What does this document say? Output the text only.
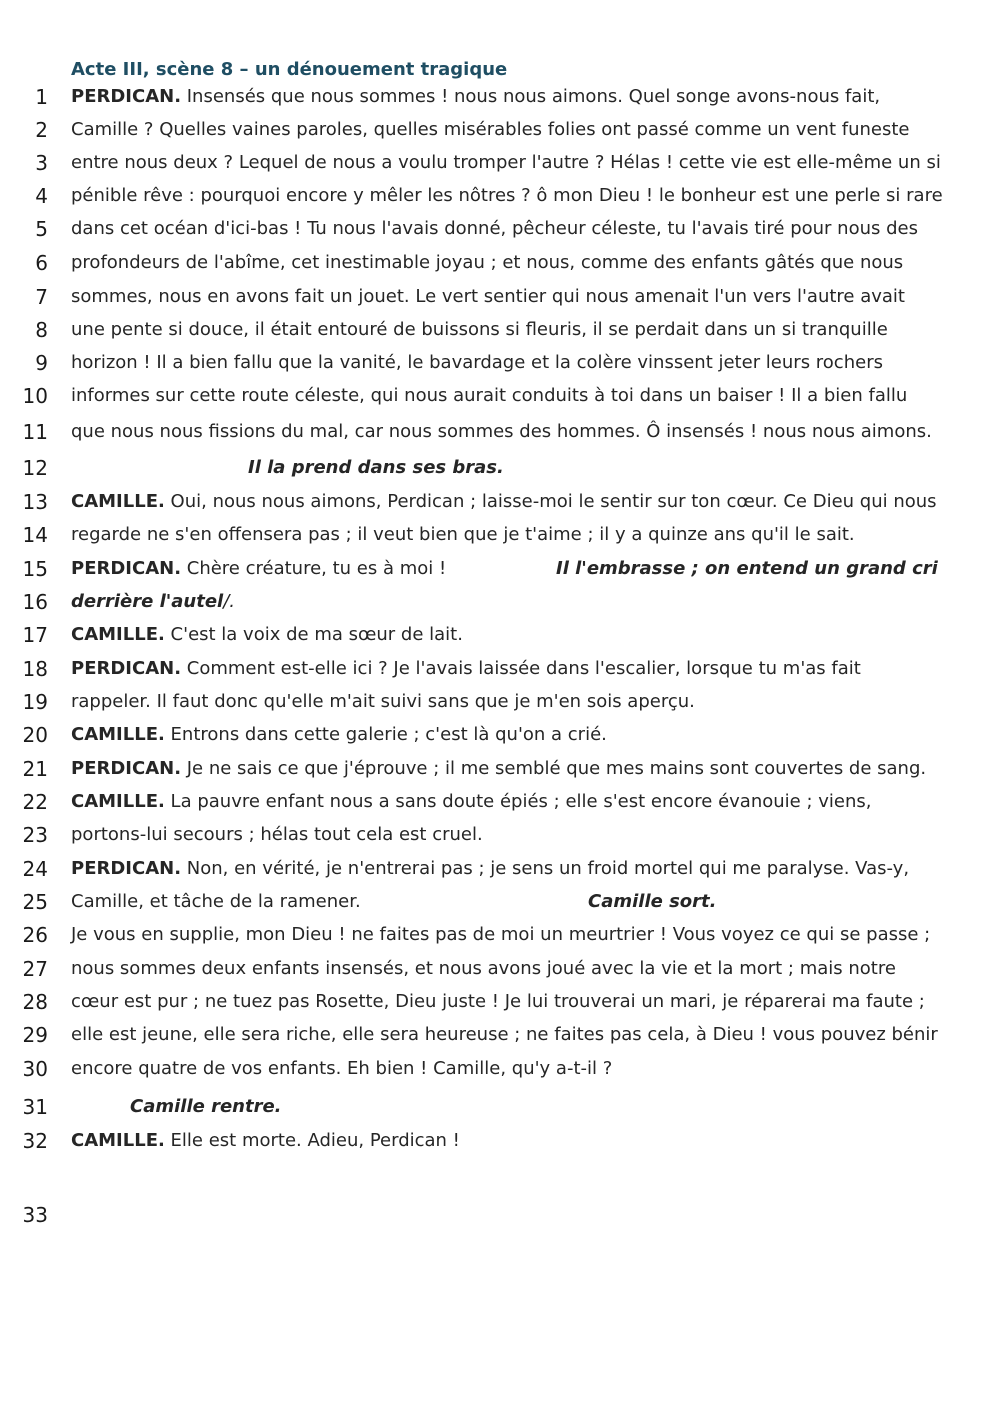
Acte III, scène 8 – un dénouement tragique
1 PERDICAN. Insensés que nous sommes ! nous nous aimons. Quel songe avons-nous fait,
2 Camille ? Quelles vaines paroles, quelles misérables folies ont passé comme un vent funeste
3 entre nous deux ? Lequel de nous a voulu tromper l'autre ? Hélas ! cette vie est elle-même un si
4 pénible rêve : pourquoi encore y mêler les nôtres ? ô mon Dieu ! le bonheur est une perle si rare
5 dans cet océan d'ici-bas ! Tu nous l'avais donné, pêcheur céleste, tu l'avais tiré pour nous des
6 profondeurs de l'abîme, cet inestimable joyau ; et nous, comme des enfants gâtés que nous
7 sommes, nous en avons fait un jouet. Le vert sentier qui nous amenait l'un vers l'autre avait
8 une pente si douce, il était entouré de buissons si fleuris, il se perdait dans un si tranquille
9 horizon ! Il a bien fallu que la vanité, le bavardage et la colère vinssent jeter leurs rochers
10 informes sur cette route céleste, qui nous aurait conduits à toi dans un baiser ! Il a bien fallu
11 que nous nous fissions du mal, car nous sommes des hommes. Ô insensés ! nous nous aimons.
12	Il la prend dans ses bras.
13 CAMILLE. Oui, nous nous aimons, Perdican ; laisse-moi le sentir sur ton cœur. Ce Dieu qui nous
14 regarde ne s'en offensera pas ; il veut bien que je t'aime ; il y a quinze ans qu'il le sait.
15 PERDICAN. Chère créature, tu es à moi !	Il l'embrasse ; on entend un grand cri
16 derrière l'autel/.
17 CAMILLE. C'est la voix de ma sœur de lait.
18 PERDICAN. Comment est-elle ici ? Je l'avais laissée dans l'escalier, lorsque tu m'as fait
19 rappeler. Il faut donc qu'elle m'ait suivi sans que je m'en sois aperçu.
20 CAMILLE. Entrons dans cette galerie ; c'est là qu'on a crié.
21 PERDICAN. Je ne sais ce que j'éprouve ; il me semblé que mes mains sont couvertes de sang.
22 CAMILLE. La pauvre enfant nous a sans doute épiés ; elle s'est encore évanouie ; viens,
23 portons-lui secours ; hélas tout cela est cruel.
24 PERDICAN. Non, en vérité, je n'entrerai pas ; je sens un froid mortel qui me paralyse. Vas-y,
25 Camille, et tâche de la ramener.	Camille sort.
26 Je vous en supplie, mon Dieu ! ne faites pas de moi un meurtrier ! Vous voyez ce qui se passe ;
27 nous sommes deux enfants insensés, et nous avons joué avec la vie et la mort ; mais notre
28 cœur est pur ; ne tuez pas Rosette, Dieu juste ! Je lui trouverai un mari, je réparerai ma faute ;
29 elle est jeune, elle sera riche, elle sera heureuse ; ne faites pas cela, à Dieu ! vous pouvez bénir
30 encore quatre de vos enfants. Eh bien ! Camille, qu'y a-t-il ?
31	Camille rentre.
32 CAMILLE. Elle est morte. Adieu, Perdican !
33
